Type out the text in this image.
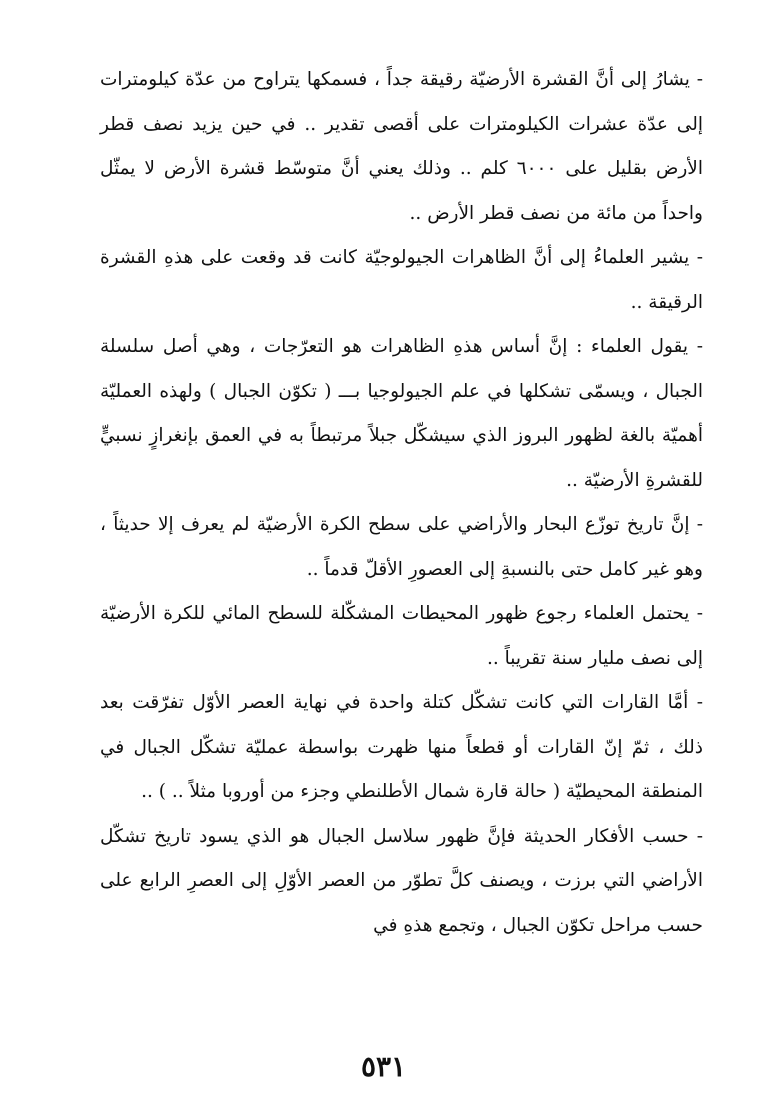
- يشارُ إلى أنَّ القشرة الأرضيّة رقيقة جداً ، فسمكها يتراوح من عدّة كيلومترات إلى عدّة عشرات الكيلومترات على أقصى تقدير .. في حين يزيد نصف قطر الأرض بقليل على ٦٠٠٠ كلم .. وذلك يعني أنَّ متوسّط قشرة الأرض لا يمثّل واحداً من مائة من نصف قطر الأرض ..

- يشير العلماءُ إلى أنَّ الظاهرات الجيولوجيّة كانت قد وقعت على هذهِ القشرة الرقيقة ..

- يقول العلماء : إنَّ أساس هذهِ الظاهرات هو التعرّجات ، وهي أصل سلسلة الجبال ، ويسمّى تشكلها في علم الجيولوجيا بـــ ( تكوّن الجبال ) ولهذه العمليّة أهميّة بالغة لظهور البروز الذي سيشكّل جبلاً مرتبطاً به في العمق بإنغرازٍ نسبيٍّ للقشرةِ الأرضيّة ..

- إنَّ تاريخ توزّع البحار والأراضي على سطح الكرة الأرضيّة لم يعرف إلا حديثاً ، وهو غير كامل حتى بالنسبةِ إلى العصورِ الأقلّ قدماً ..

- يحتمل العلماء رجوع ظهور المحيطات المشكّلة للسطح المائي للكرة الأرضيّة إلى نصف مليار سنة تقريباً ..

- أمَّا القارات التي كانت تشكّل كتلة واحدة في نهاية العصر الأوّل تفرّقت بعد ذلك ، ثمّ إنّ القارات أو قطعاً منها ظهرت بواسطة عمليّة تشكّل الجبال في المنطقة المحيطيّة ( حالة قارة شمال الأطلنطي وجزء من أوروبا مثلاً .. ) ..

- حسب الأفكار الحديثة فإنَّ ظهور سلاسل الجبال هو الذي يسود تاريخ تشكّل الأراضي التي برزت ، ويصنف كلَّ تطوّر من العصر الأوّلِ إلى العصرِ الرابع على حسب مراحل تكوّن الجبال ، وتجمع هذهِ في

٥٣١
